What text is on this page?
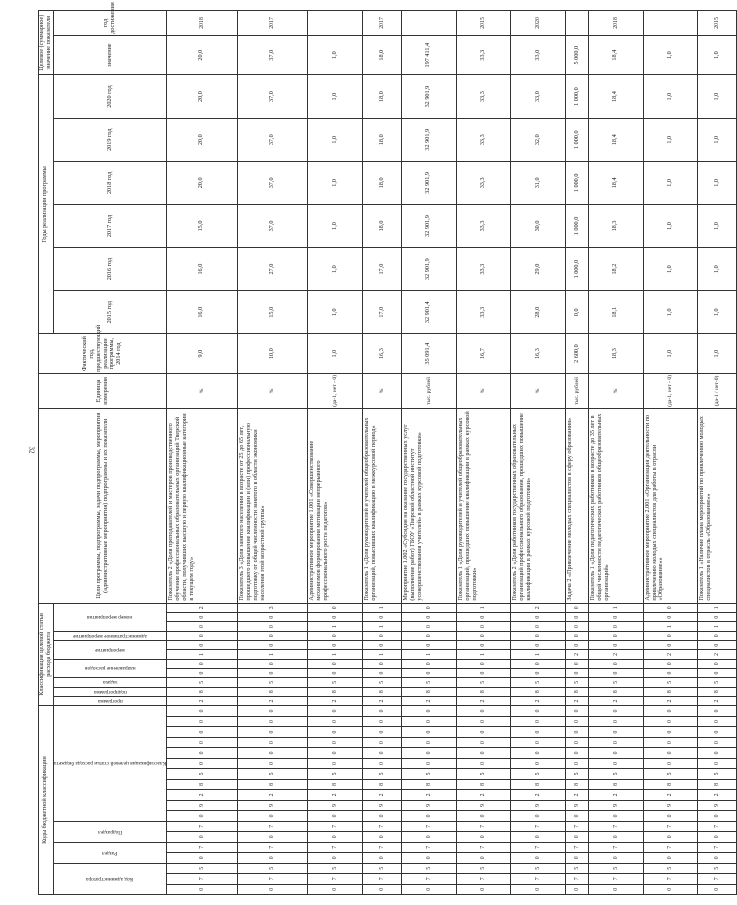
32
Коды бюджетной классификации																		Классификация целевой статьи расхода бюджета											Цели программы, подпрограммы, задачи подпрограммы, мероприятия (административные мероприятия) подпрограммы и их показатели	Единица измерения	Фактический год, предшествующий реализации программы, 2014 год	Годы реализации программы						Целевое (суммарное) значение показателя	

Код администратора			Раздел		Подраздел		Классификация целевой статьи расхода бюджета											программа	подпрограмма	задача	направление расходов		мероприятие		административное мероприятие	номер мероприятия						2015 год	2016 год	2017 год	2018 год	2019 год	2020 год	значение	год достижения

0	7	5	0	7	0	7	0	9	2	8	5	0	0	0	0	0	0	2	8	5	0	0	1	0	0	0	0	2	Показатель 2 «Доля преподавателей и мастеров производственного обучения профессиональных образовательных организаций Тверской области, получивших высшую и первую квалификационные категории в текущем году»	%	9,0	16,0	16,0	15,0	20,0	20,0	20,0	20,0	2018
0	7	5	0	7	0	7	0	9	2	8	5	0	0	0	0	0	0	2	8	5	0	0	1	0	0	0	0	3	Показатель 3 «Доля занятого населения в возрасте от 25 до 65 лет, прошедшего повышение квалификации и (или) профессиональную подготовку от общей численности занятого в области экономики населения этой возрастной группы»	%	10,0	15,0	27,0	37,0	37,0	37,0	37,0	37,0	2017
0	7	5	0	7	0	7	0	9	2	8	5	0	0	0	0	0	0	2	8	5	0	0	1	0	0	1	0	0	Административное мероприятие 1.001 «Совершенствование механизмов формирования мотивации непрерывного профессионального роста педагогов»	(да-1, нет - 0)	1,0	1,0	1,0	1,0	1,0	1,0	1,0	1,0	
0	7	5	0	7	0	7	0	9	2	8	5	0	0	0	0	0	0	2	8	5	0	0	1	0	0	1	0	1	Показатель 1 «Доля руководителей и учителей общеобразовательных организаций, повысивших квалификацию в межкурсовой период»	%	16,3	17,0	17,0	18,0	18,0	18,0	18,0	18,0	2017
0	7	5	0	7	0	7	0	9	2	8	5	0	0	0	0	0	0	2	8	5	0	0	1	0	0	0	0	0	Мероприятие 1.002 «Субсидия на оказание государственных услуг (выполнение работ) ГБОУ «Тверской областной институт усовершенствования учителей» в рамках курсовой подготовки»	тыс. рублей	35 091,4	32 901,4	32 901,9	32 901,9	32 901,9	32 901,9	32 901,9	197 411,4	
0	7	5	0	7	0	7	0	9	2	8	5	0	0	0	0	0	0	2	8	5	0	0	1	0	0	0	0	1	Показатель 1 «Доля руководителей и учителей общеобразовательных организаций, прошедших повышение квалификации в рамках курсовой подготовки»	%	16,7	33,3	33,3	33,3	33,3	33,3	33,3	33,3	2015
0	7	5	0	7	0	7	0	9	2	8	5	0	0	0	0	0	0	2	8	5	0	0	1	0	0	0	0	2	Показатель 2 «Доля работников государственных образовательных организаций профессионального образования, прошедших повышение квалификации в рамках курсовой подготовки»	%	16,3	28,0	29,0	30,0	31,0	32,0	33,0	33,0	2020
0	7	5	0	7	0	7	0	9	2	8	5	0	0	0	0	0	0	2	8	5	0	0	2	0	0	0	0	0	Задача 2 «Привлечение молодых специалистов в сферу образования»	тыс. рублей	2 600,0	0,0	1 000,0	1 000,0	1 000,0	1 000,0	1 000,0	5 000,0	
0	7	5	0	7	0	7	0	9	2	8	5	0	0	0	0	0	0	2	8	5	0	0	2	0	0	0	0	1	Показатель 1 «Доля педагогических работников в возрасте до 35 лет в общей численности педагогических работников общеобразовательных организаций»	%	18,3	18,1	18,2	18,3	18,4	18,4	18,4	18,4	2018
0	7	5	0	7	0	7	0	9	2	8	5	0	0	0	0	0	0	2	8	5	0	0	2	0	0	1	0	0	Административное мероприятие 2.001 «Организация деятельности по привлечению молодых специалистов для работы в отрасли «Образование»»	(да-1, нет - 0)	1,0	1,0	1,0	1,0	1,0	1,0	1,0	1,0	
0	7	5	0	7	0	7	0	9	2	8	5	0	0	0	0	0	0	2	8	5	0	0	2	0	0	1	0	1	Показатель 1 «Наличие плана мероприятий по привлечению молодых специалистов в отрасль «Образование»»	(да-1 / нет-0)	1,0	1,0	1,0	1,0	1,0	1,0	1,0	1,0	2015
